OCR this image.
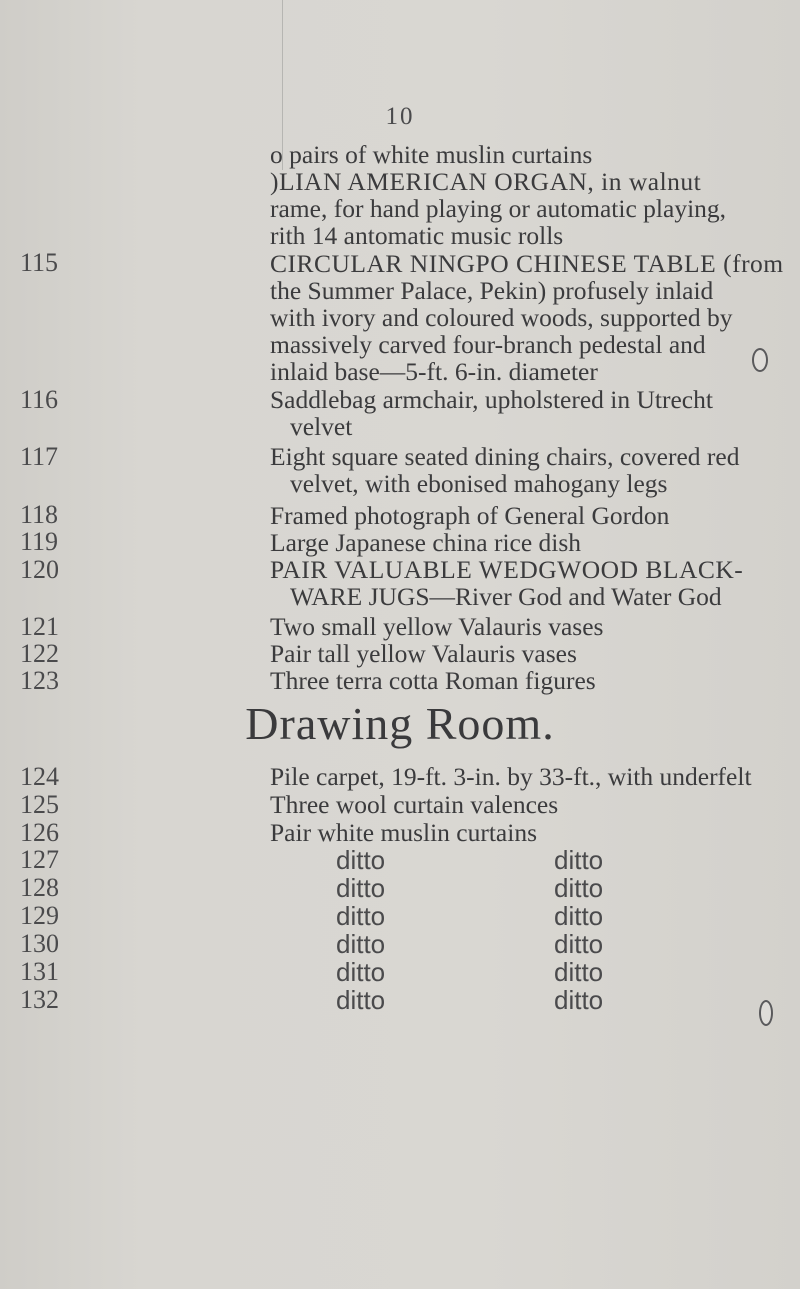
10
o pairs of white muslin curtains
)LIAN AMERICAN ORGAN, in walnut
rame, for hand playing or automatic playing,
rith 14 antomatic music rolls
115	CIRCULAR NINGPO CHINESE TABLE (from
the Summer Palace, Pekin) profusely inlaid
with ivory and coloured woods, supported by
massively carved four-branch pedestal and
inlaid base—5-ft. 6-in. diameter
116	Saddlebag armchair, upholstered in Utrecht
velvet
117	Eight square seated dining chairs, covered red
velvet, with ebonised mahogany legs
118	Framed photograph of General Gordon
119	Large Japanese china rice dish
120	PAIR VALUABLE WEDGWOOD BLACK-
WARE JUGS—River God and Water God
121	Two small yellow Valauris vases
122	Pair tall yellow Valauris vases
123	Three terra cotta Roman figures
Drawing Room.
124	Pile carpet, 19-ft. 3-in. by 33-ft., with underfelt
125	Three wool curtain valences
126	Pair white muslin curtains
127	ditto	ditto
128	ditto	ditto
129	ditto	ditto
130	ditto	ditto
131	ditto	ditto
132	ditto	ditto
